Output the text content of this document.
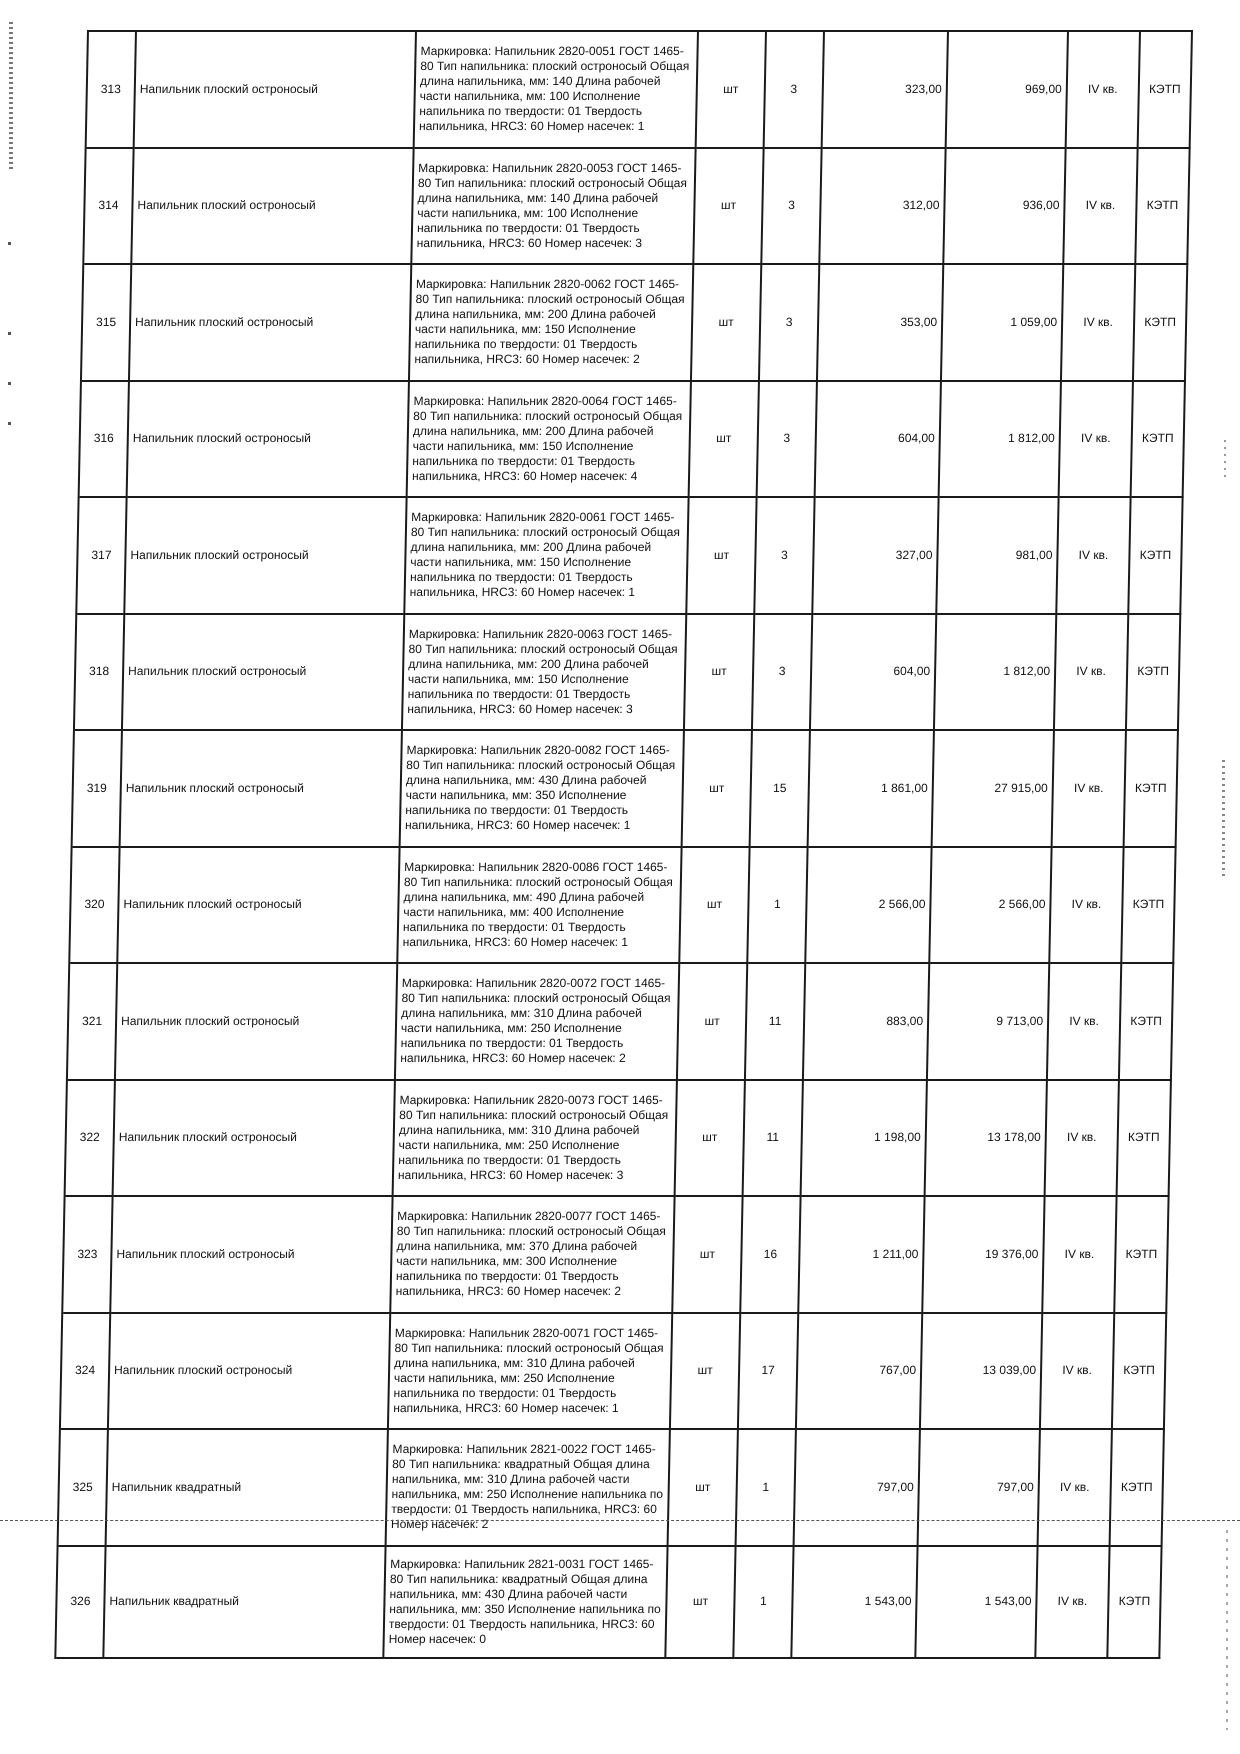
	313	Напильник плоский остроносый	Маркировка: Напильник 2820-0051 ГОСТ 1465-80 Тип напильника: плоский остроносый Общая длина напильника, мм: 140 Длина рабочей части напильника, мм: 100 Исполнение напильника по твердости: 01 Твердость напильника, HRC3: 60 Номер насечек: 1	шт	3	323,00	969,00	IV кв.	КЭТП
	314	Напильник плоский остроносый	Маркировка: Напильник 2820-0053 ГОСТ 1465-80 Тип напильника: плоский остроносый Общая длина напильника, мм: 140 Длина рабочей части напильника, мм: 100 Исполнение напильника по твердости: 01 Твердость напильника, HRC3: 60 Номер насечек: 3	шт	3	312,00	936,00	IV кв.	КЭТП
	315	Напильник плоский остроносый	Маркировка: Напильник 2820-0062 ГОСТ 1465-80 Тип напильника: плоский остроносый Общая длина напильника, мм: 200 Длина рабочей части напильника, мм: 150 Исполнение напильника по твердости: 01 Твердость напильника, HRC3: 60 Номер насечек: 2	шт	3	353,00	1 059,00	IV кв.	КЭТП
	316	Напильник плоский остроносый	Маркировка: Напильник 2820-0064 ГОСТ 1465-80 Тип напильника: плоский остроносый Общая длина напильника, мм: 200 Длина рабочей части напильника, мм: 150 Исполнение напильника по твердости: 01 Твердость напильника, HRC3: 60 Номер насечек: 4	шт	3	604,00	1 812,00	IV кв.	КЭТП
	317	Напильник плоский остроносый	Маркировка: Напильник 2820-0061 ГОСТ 1465-80 Тип напильника: плоский остроносый Общая длина напильника, мм: 200 Длина рабочей части напильника, мм: 150 Исполнение напильника по твердости: 01 Твердость напильника, HRC3: 60 Номер насечек: 1	шт	3	327,00	981,00	IV кв.	КЭТП
	318	Напильник плоский остроносый	Маркировка: Напильник 2820-0063 ГОСТ 1465-80 Тип напильника: плоский остроносый Общая длина напильника, мм: 200 Длина рабочей части напильника, мм: 150 Исполнение напильника по твердости: 01 Твердость напильника, HRC3: 60 Номер насечек: 3	шт	3	604,00	1 812,00	IV кв.	КЭТП
	319	Напильник плоский остроносый	Маркировка: Напильник 2820-0082 ГОСТ 1465-80 Тип напильника: плоский остроносый Общая длина напильника, мм: 430 Длина рабочей части напильника, мм: 350 Исполнение напильника по твердости: 01 Твердость напильника, HRC3: 60 Номер насечек: 1	шт	15	1 861,00	27 915,00	IV кв.	КЭТП
	320	Напильник плоский остроносый	Маркировка: Напильник 2820-0086 ГОСТ 1465-80 Тип напильника: плоский остроносый Общая длина напильника, мм: 490 Длина рабочей части напильника, мм: 400 Исполнение напильника по твердости: 01 Твердость напильника, HRC3: 60 Номер насечек: 1	шт	1	2 566,00	2 566,00	IV кв.	КЭТП
	321	Напильник плоский остроносый	Маркировка: Напильник 2820-0072 ГОСТ 1465-80 Тип напильника: плоский остроносый Общая длина напильника, мм: 310 Длина рабочей части напильника, мм: 250 Исполнение напильника по твердости: 01 Твердость напильника, HRC3: 60 Номер насечек: 2	шт	11	883,00	9 713,00	IV кв.	КЭТП
	322	Напильник плоский остроносый	Маркировка: Напильник 2820-0073 ГОСТ 1465-80 Тип напильника: плоский остроносый Общая длина напильника, мм: 310 Длина рабочей части напильника, мм: 250 Исполнение напильника по твердости: 01 Твердость напильника, HRC3: 60 Номер насечек: 3	шт	11	1 198,00	13 178,00	IV кв.	КЭТП
	323	Напильник плоский остроносый	Маркировка: Напильник 2820-0077 ГОСТ 1465-80 Тип напильника: плоский остроносый Общая длина напильника, мм: 370 Длина рабочей части напильника, мм: 300 Исполнение напильника по твердости: 01 Твердость напильника, HRC3: 60 Номер насечек: 2	шт	16	1 211,00	19 376,00	IV кв.	КЭТП
	324	Напильник плоский остроносый	Маркировка: Напильник 2820-0071 ГОСТ 1465-80 Тип напильника: плоский остроносый Общая длина напильника, мм: 310 Длина рабочей части напильника, мм: 250 Исполнение напильника по твердости: 01 Твердость напильника, HRC3: 60 Номер насечек: 1	шт	17	767,00	13 039,00	IV кв.	КЭТП
	325	Напильник квадратный	Маркировка: Напильник 2821-0022 ГОСТ 1465-80 Тип напильника: квадратный Общая длина напильника, мм: 310 Длина рабочей части напильника, мм: 250 Исполнение напильника по твердости: 01 Твердость напильника, HRC3: 60 Номер насечек: 2	шт	1	797,00	797,00	IV кв.	КЭТП
	326	Напильник квадратный	Маркировка: Напильник 2821-0031 ГОСТ 1465-80 Тип напильника: квадратный Общая длина напильника, мм: 430 Длина рабочей части напильника, мм: 350 Исполнение напильника по твердости: 01 Твердость напильника, HRC3: 60 Номер насечек: 0	шт	1	1 543,00	1 543,00	IV кв.	КЭТП
